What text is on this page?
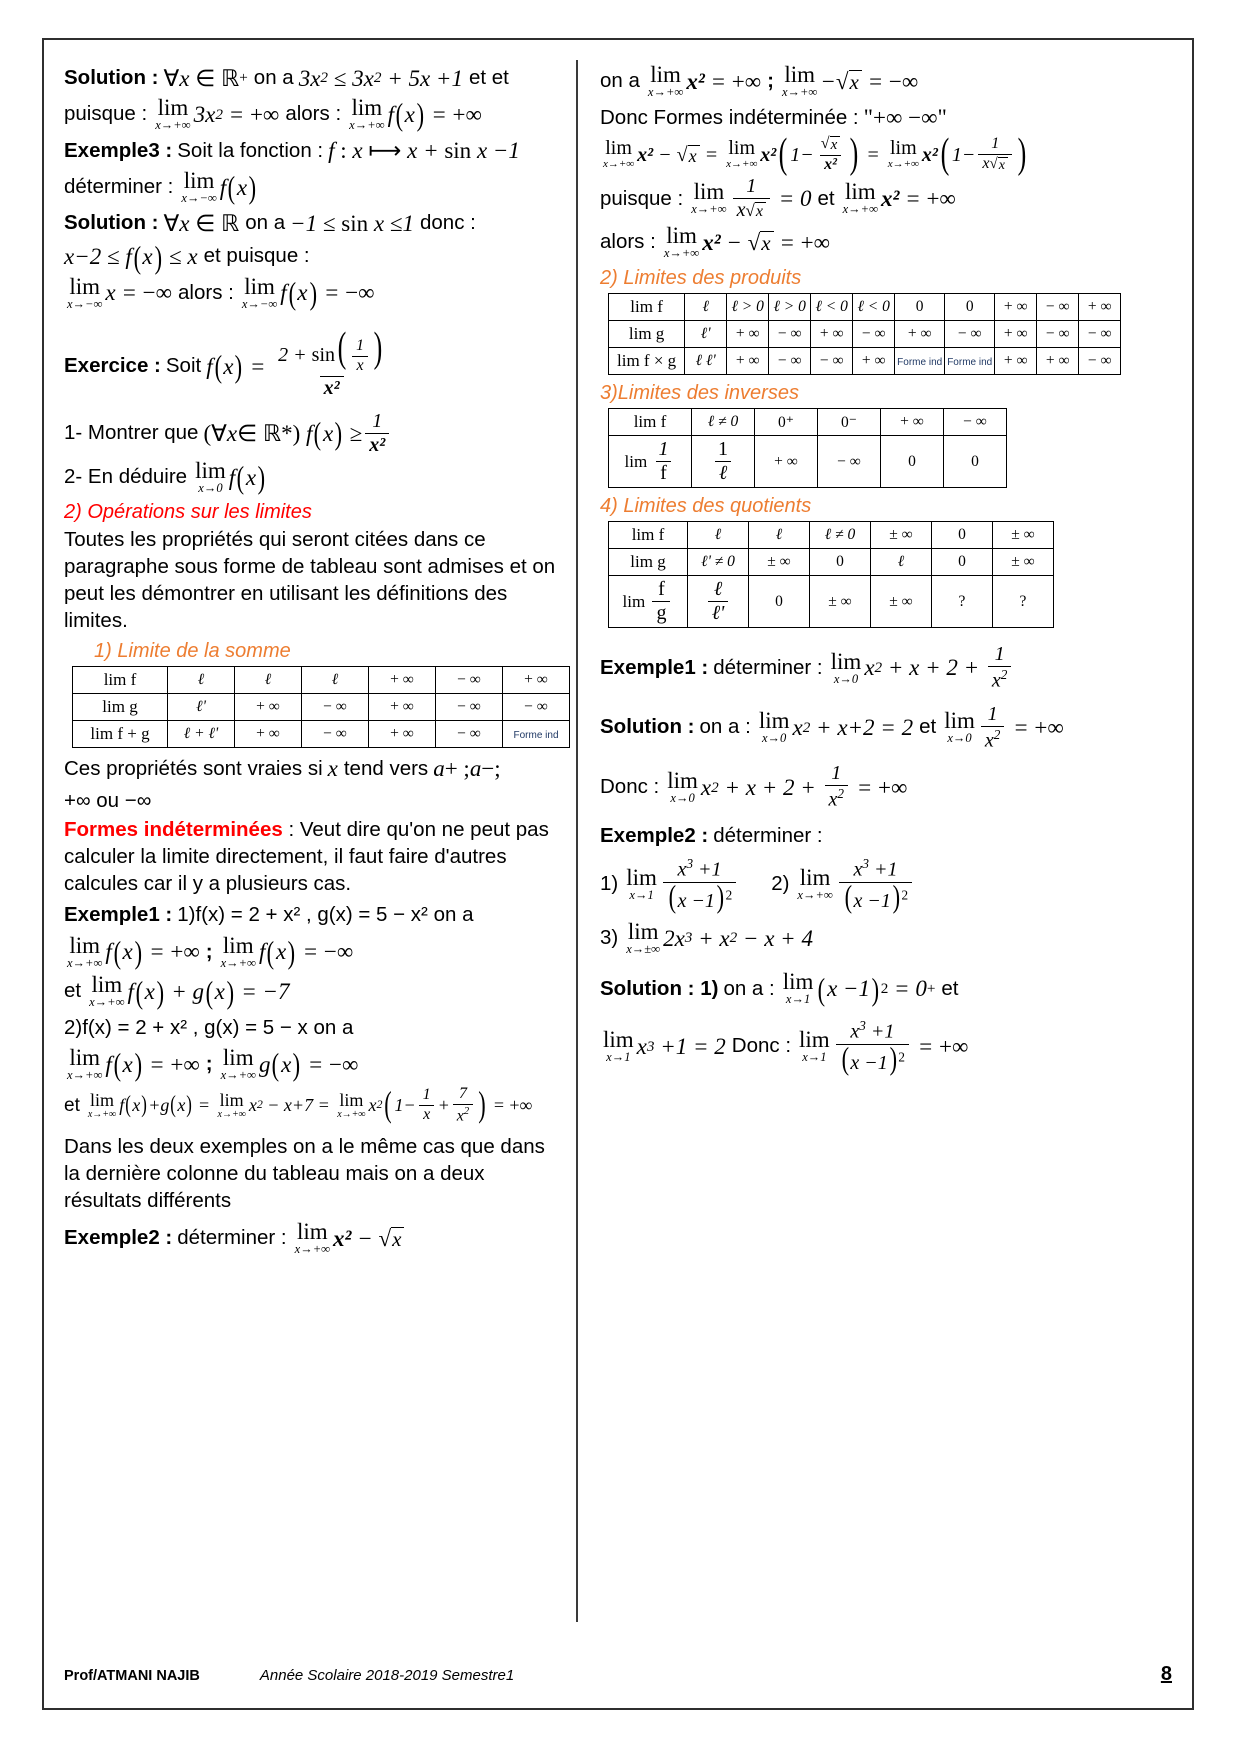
Solution : ∀ x ∈ ℝ + on a 3x 2 ≤ 3x 2 + 5x +1 et et
puisque : lim
x→+∞ 3x 2 = +∞ alors : lim
x→+∞ f ( x ) = +∞
Exemple3 : Soit la fonction : f : x ⟼ x + sin x −1
déterminer : lim
x→−∞ f ( x )
Solution : ∀ x ∈ ℝ on a −1 ≤ sin x ≤1 donc :
x−2 ≤ f ( x ) ≤ x et puisque :
lim
x→−∞ x = −∞ alors : lim
x→−∞ f ( x ) = −∞
Exercice : Soit f ( x ) = $\frac{2 + \sin( \frac{1}{x} )}{\text{x²}}$
1- Montrer que (∀ x ∈ ℝ*) f ( x ) ≥ $\frac{1}{\text{x²}}$
2- En déduire lim
x→0 f ( x )
2) Opérations sur les limites
Toutes les propriétés qui seront citées dans ce paragraphe sous forme de tableau sont admises et on peut les démontrer en utilisant les définitions des limites.
1) Limite de la somme
lim f	ℓ	ℓ	ℓ	+ ∞	− ∞	+ ∞
lim g	ℓ'	+ ∞	− ∞	+ ∞	− ∞	− ∞
lim f + g	ℓ + ℓ'	+ ∞	− ∞	+ ∞	− ∞	Forme ind
Ces propriétés sont vraies si x tend vers a + ; a − ;
+∞ ou −∞
Formes indéterminées : Veut dire qu'on ne peut pas calculer la limite directement, il faut faire d'autres calcules car il y a plusieurs cas.
Exemple1 : 1)f(x) = 2 + x² , g(x) = 5 − x² on a
lim
x→+∞ f ( x ) = +∞ ; lim
x→+∞ f ( x ) = −∞
et lim
x→+∞ f ( x ) + g ( x ) = −7
2)f(x) = 2 + x² , g(x) = 5 − x on a
lim
x→+∞ f ( x ) = +∞ ; lim
x→+∞ g ( x ) = −∞
et lim
x→+∞ f ( x ) +g ( x ) = lim
x→+∞ x 2 − x+7 = lim
x→+∞ x 2 ( $1- \frac{1}{x} + \frac{7}{x^2}$ ) = +∞
Dans les deux exemples on a le même cas que dans la dernière colonne du tableau mais on a deux résultats différents
Exemple2 : déterminer : lim
x→+∞ x² − √ x
on a lim
x→+∞ x² = +∞ ; lim
x→+∞ − √ x = −∞
Donc Formes indéterminée : "+∞ −∞"
lim
x→+∞ x² − √ x = lim
x→+∞ x² ( $1- \frac{√ x}{\text{x²}}$ ) = lim
x→+∞ x² ( $1- \frac{1}{x √ x}$ )
puisque : lim
$x\to+\infty \frac{1}{x √ x} = 0$ et lim
x→+∞ x² = +∞
alors : lim
x→+∞ x² − √ x = +∞
2) Limites des produits
lim f	ℓ	ℓ > 0	ℓ > 0	ℓ < 0	ℓ < 0	0	0	+ ∞	− ∞	+ ∞
lim g	ℓ'	+ ∞	− ∞	+ ∞	− ∞	+ ∞	− ∞	+ ∞	− ∞	− ∞
lim f × g	ℓ ℓ'	+ ∞	− ∞	− ∞	+ ∞	Forme ind	Forme ind	+ ∞	+ ∞	− ∞
3)Limites des inverses
lim f	ℓ ≠ 0	0⁺	0⁻	+ ∞	− ∞

$\lim \frac{1}{f}$	$\frac{1}{\text{ℓ}}$	+ ∞	− ∞	0	0
4) Limites des quotients
lim f	ℓ	ℓ	ℓ ≠ 0	± ∞	0	± ∞
lim g	ℓ' ≠ 0	± ∞	0	ℓ	0	± ∞

$\lim \frac{f}{g}$	$\frac{\text{ℓ}}{\text{ℓ'}}$	0	± ∞	± ∞	?	?
Exemple1 : déterminer : lim
x→0 x $2 + x + 2 + \frac{1}{x^2}$
Solution : on a : lim
x→0 x 2 + x+2 = 2 et lim
$x\to 0 \frac{1}{x^2}$ = +∞
Donc : lim
x→0 x $2 + x + 2 + \frac{1}{x^2}$ = +∞
Exemple2 : déterminer :
1) lim
$x\to 1 \frac{x^3 +1}{(x -1) ^2} 2$) lim
$x\to+\infty \frac{x^3 +1}{(x -1) ^2}$
3) lim
x→±∞ 2x 3 + x 2 − x + 4
Solution : 1) on a : lim
x→1 ( x −1 ) 2 = 0 + et
lim
x→1 x 3 +1 = 2 Donc : lim
$x\to 1 \frac{x^3 +1}{(x -1) ^2}$ = +∞
Prof/ATMANI NAJIB	Année Scolaire 2018-2019 Semestre1	8
